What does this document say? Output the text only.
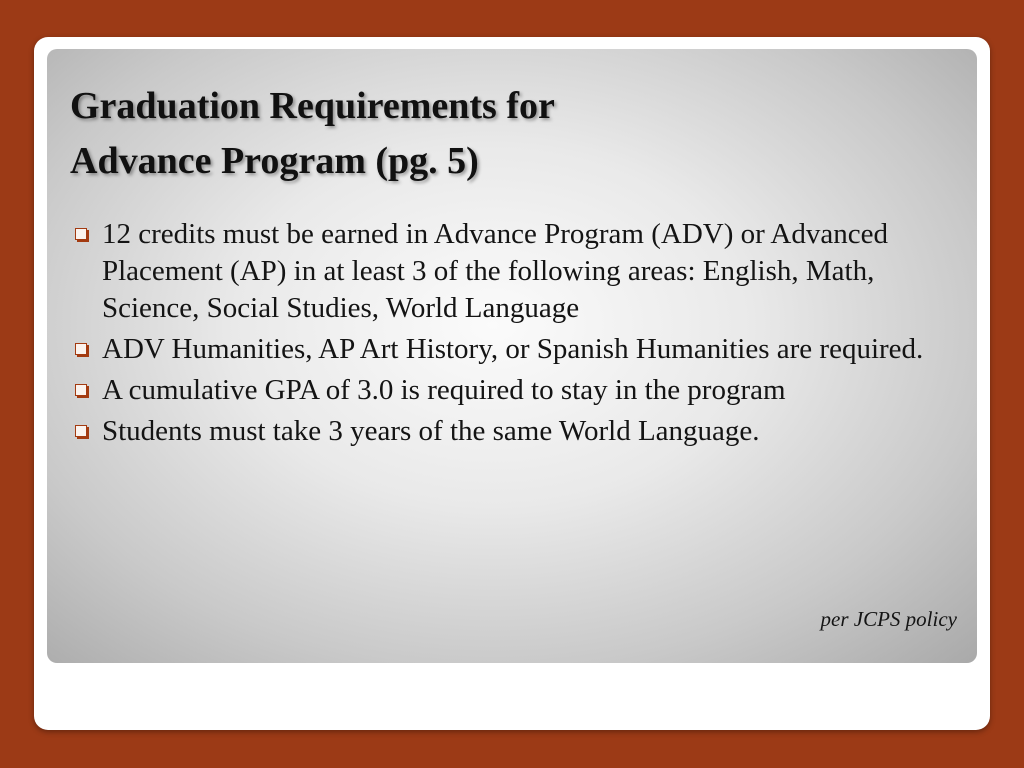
Graduation Requirements for
Advance Program (pg. 5)
12 credits must be earned in Advance Program (ADV) or Advanced Placement (AP) in at least 3 of the following areas: English, Math, Science, Social Studies, World Language
ADV Humanities, AP Art History, or Spanish Humanities are required.
A cumulative GPA of 3.0 is required to stay in the program
Students must take 3 years of the same World Language.
per JCPS policy
